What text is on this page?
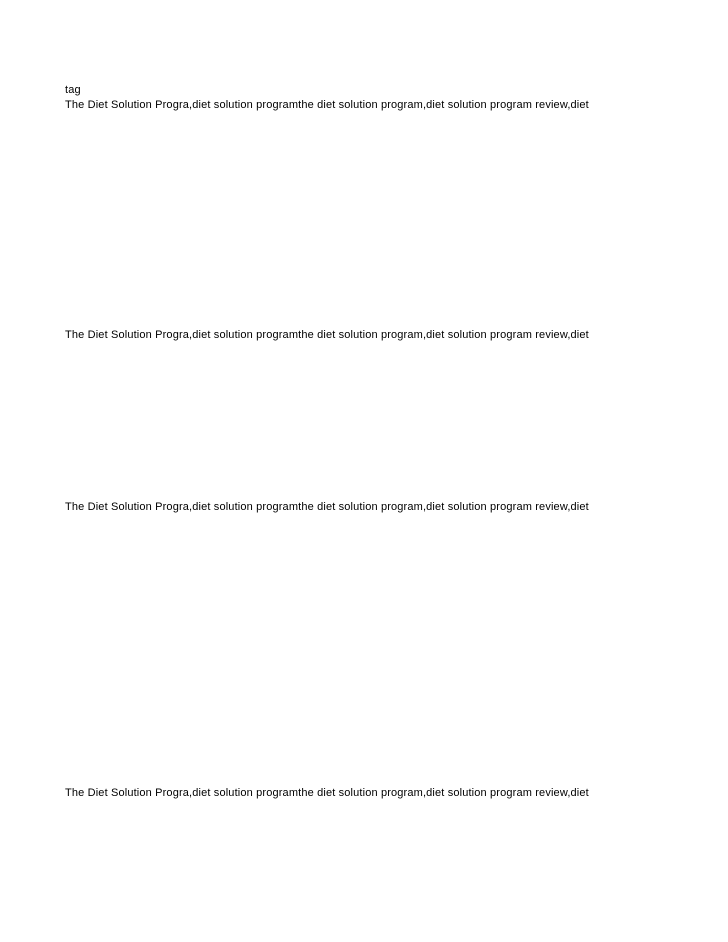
tag
The Diet Solution Progra,diet solution programthe diet solution program,diet solution program review,diet
The Diet Solution Progra,diet solution programthe diet solution program,diet solution program review,diet
The Diet Solution Progra,diet solution programthe diet solution program,diet solution program review,diet
The Diet Solution Progra,diet solution programthe diet solution program,diet solution program review,diet
